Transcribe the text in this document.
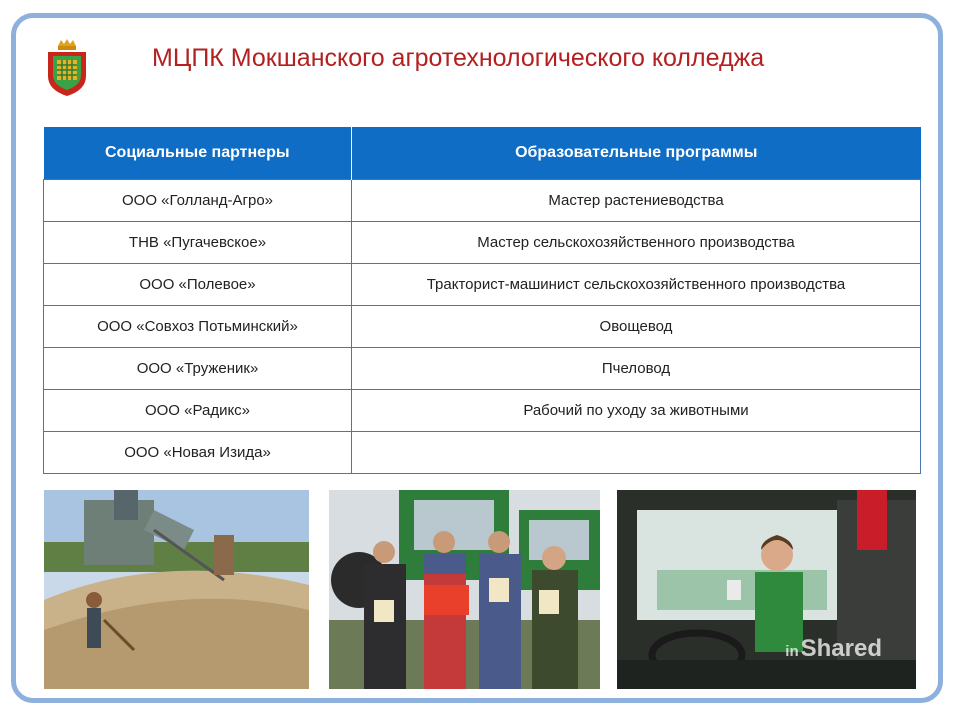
МЦПК Мокшанского агротехнологического колледжа
Социальные партнеры	Образовательные программы
ООО «Голланд-Агро»	Мастер растениеводства
ТНВ «Пугачевское»	Мастер сельскохозяйственного производства
ООО «Полевое»	Тракторист-машинист сельскохозяйственного производства
ООО «Совхоз Потьминский»	Овощевод
ООО «Труженик»	Пчеловод
ООО «Радикс»	Рабочий по уходу за животными
ООО «Новая Изида»	
inShared
